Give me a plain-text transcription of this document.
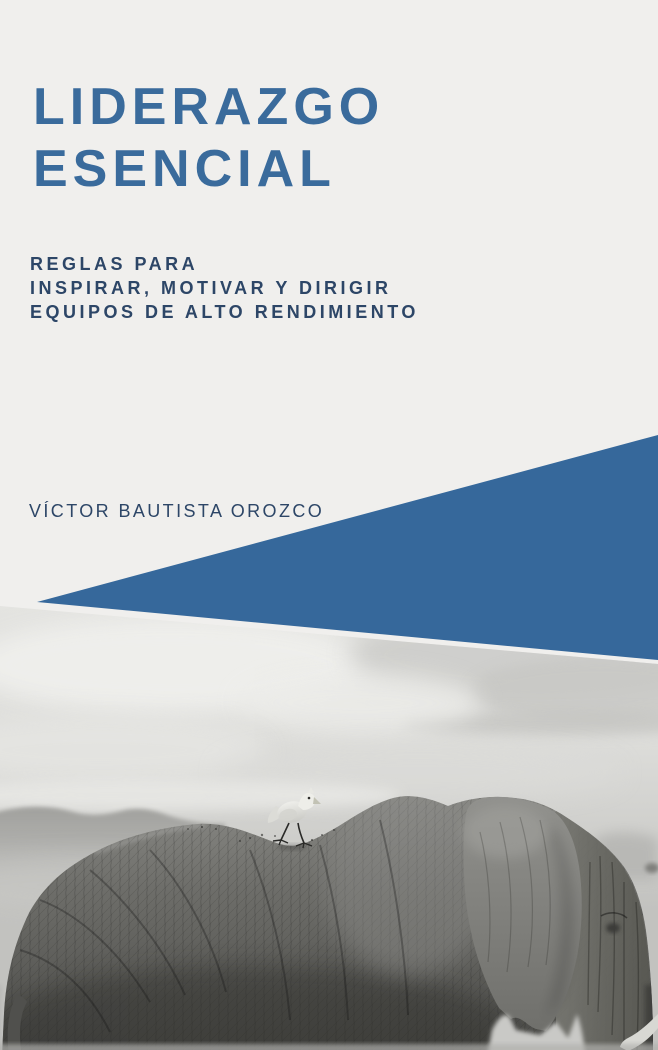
LIDERAZGO
ESENCIAL
REGLAS PARA
INSPIRAR, MOTIVAR Y DIRIGIR
EQUIPOS DE ALTO RENDIMIENTO
VÍCTOR BAUTISTA OROZCO
